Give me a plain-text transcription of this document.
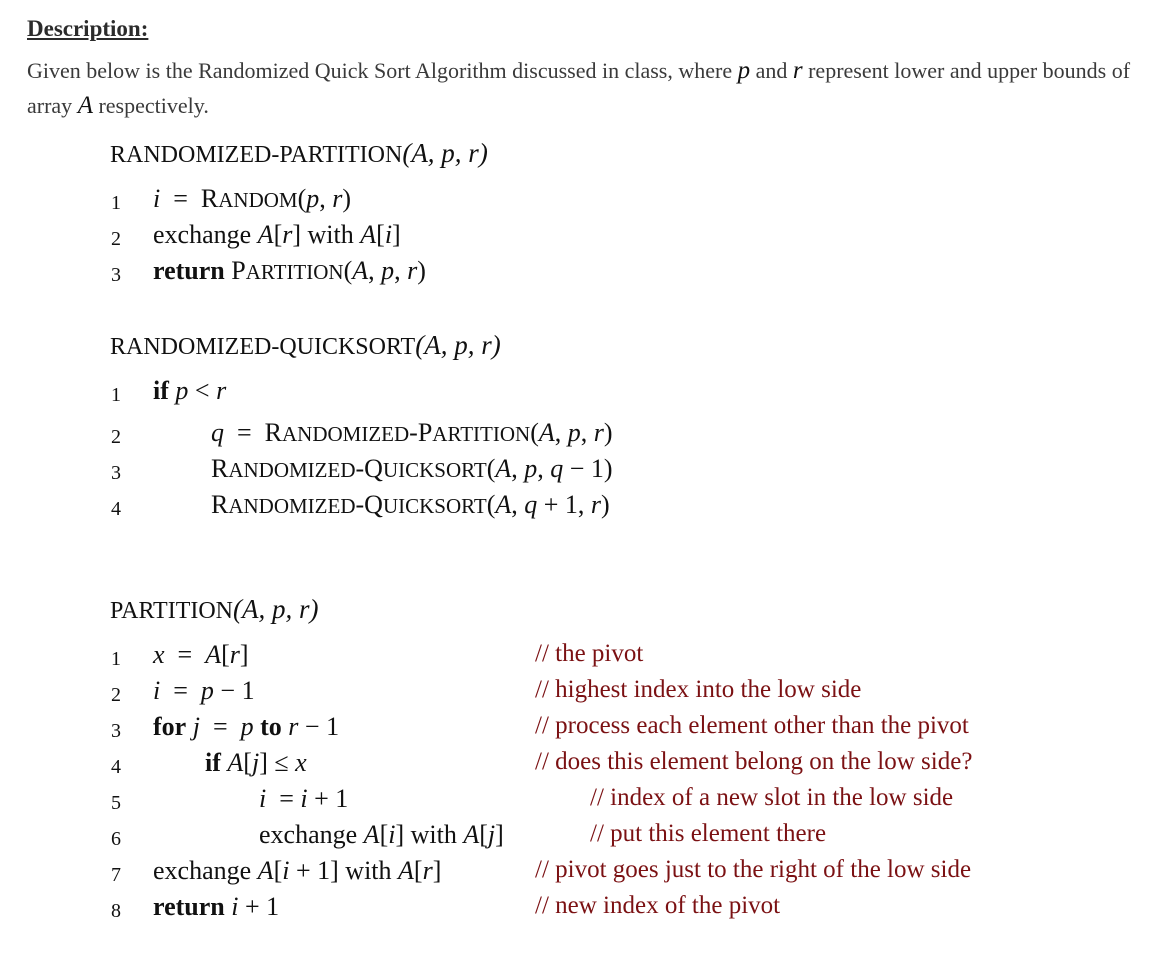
Description:
Given below is the Randomized Quick Sort Algorithm discussed in class, where p and r represent lower and upper bounds of array A respectively.
RANDOMIZED-PARTITION(A, p, r)
1 i  =  RANDOM(p, r)
2 exchange A[r] with A[i]
3 return PARTITION(A, p, r)
RANDOMIZED-QUICKSORT(A, p, r)
1 if p < r
2	q  =  RANDOMIZED-PARTITION(A, p, r)
3	RANDOMIZED-QUICKSORT(A, p, q − 1)
4	RANDOMIZED-QUICKSORT(A, q + 1, r)
PARTITION(A, p, r)
1 x  =  A[r]	// the pivot
2 i  =  p − 1	// highest index into the low side
3 for j  =  p to r − 1	// process each element other than the pivot
4	if A[j] ≤ x	// does this element belong on the low side?
5	i  = i + 1	// index of a new slot in the low side
6	exchange A[i] with A[j]	// put this element there
7 exchange A[i + 1] with A[r]	// pivot goes just to the right of the low side
8 return i + 1	// new index of the pivot
